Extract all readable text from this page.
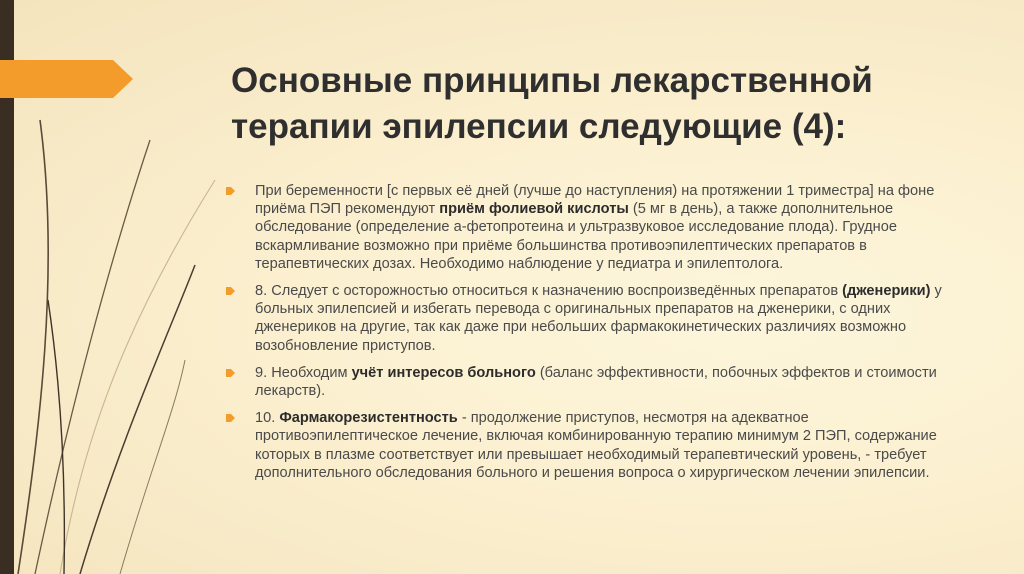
Основные принципы лекарственной
терапии эпилепсии следующие (4):
При беременности [с первых её дней (лучше до наступления) на протяжении 1 триместра] на фоне приёма ПЭП рекомендуют приём фолиевой кислоты (5 мг в день), а также дополнительное обследование (определение а-фетопротеина и ультразвуковое исследование плода). Грудное вскармливание возможно при приёме большинства противоэпилептических препаратов в терапевтических дозах. Необходимо наблюдение у педиатра и эпилептолога.
8. Следует с осторожностью относиться к назначению воспроизведённых препаратов (дженерики) у больных эпилепсией и избегать перевода с оригинальных препаратов на дженерики, с одних дженериков на другие, так как даже при небольших фармакокинетических различиях возможно возобновление приступов.
9. Необходим учёт интересов больного (баланс эффективности, побочных эффектов и стоимости лекарств).
10. Фармакорезистентность - продолжение приступов, несмотря на адекватное противоэпилептическое лечение, включая комбинированную терапию минимум 2 ПЭП, содержание которых в плазме соответствует или превышает необходимый терапевтический уровень, - требует дополнительного обследования больного и решения вопроса о хирургическом лечении эпилепсии.
